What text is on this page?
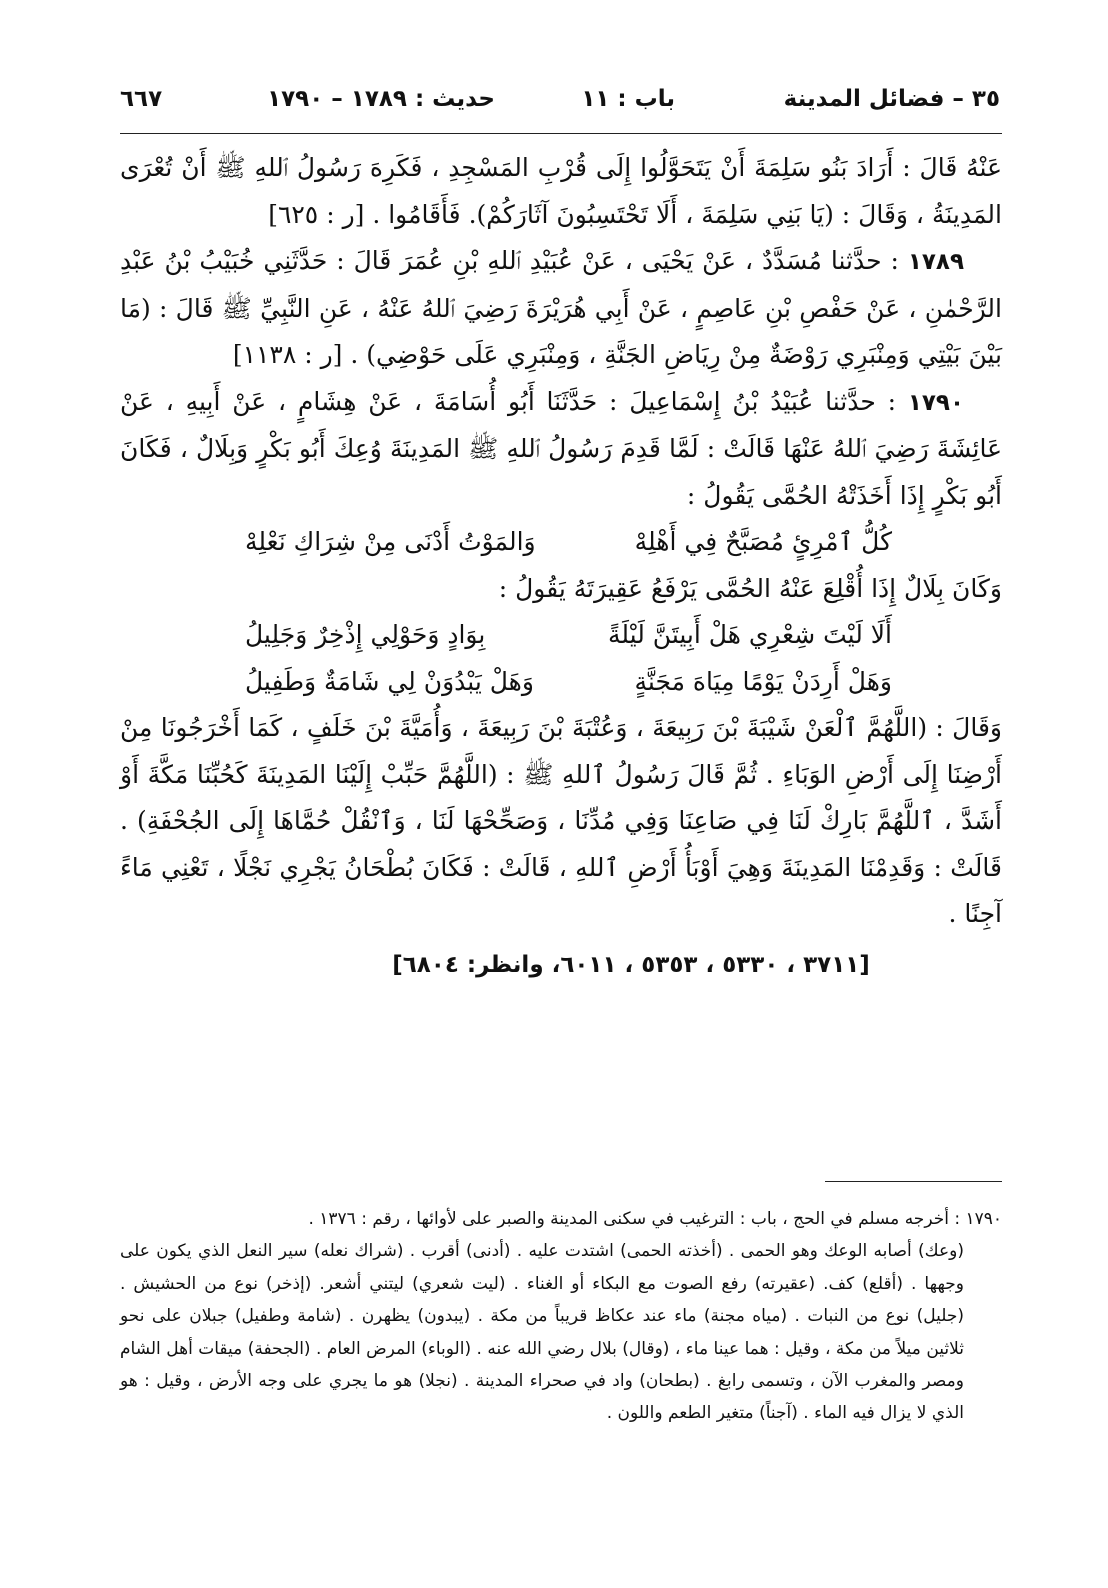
٣٥ – فضائل المدينة
باب : ١١
حديث : ١٧٨٩ – ١٧٩٠
٦٦٧

عَنْهُ قَالَ : أَرَادَ بَنُو سَلِمَةَ أَنْ يَتَحَوَّلُوا إِلَى قُرْبِ المَسْجِدِ ، فَكَرِهَ رَسُولُ ٱللهِ ﷺ أَنْ تُعْرَى المَدِينَةُ ، وَقَالَ : (يَا بَنِي سَلِمَةَ ، أَلَا تَحْتَسِبُونَ آثَارَكُمْ). فَأَقَامُوا . [ر : ٦٢٥]

١٧٨٩ : حدَّثنا مُسَدَّدٌ ، عَنْ يَحْيَى ، عَنْ عُبَيْدِ ٱللهِ بْنِ عُمَرَ قَالَ : حَدَّثَنِي خُبَيْبُ بْنُ عَبْدِ الرَّحْمٰنِ ، عَنْ حَفْصِ بْنِ عَاصِمٍ ، عَنْ أَبِي هُرَيْرَةَ رَضِيَ ٱللهُ عَنْهُ ، عَنِ النَّبِيِّ ﷺ قَالَ : (مَا بَيْنَ بَيْتِي وَمِنْبَرِي رَوْضَةٌ مِنْ رِيَاضِ الجَنَّةِ ، وَمِنْبَرِي عَلَى حَوْضِي) . [ر : ١١٣٨]

١٧٩٠ : حدَّثنا عُبَيْدُ بْنُ إِسْمَاعِيلَ : حَدَّثَنَا أَبُو أُسَامَةَ ، عَنْ هِشَامٍ ، عَنْ أَبِيهِ ، عَنْ عَائِشَةَ رَضِيَ ٱللهُ عَنْهَا قَالَتْ : لَمَّا قَدِمَ رَسُولُ ٱللهِ ﷺ المَدِينَةَ وُعِكَ أَبُو بَكْرٍ وَبِلَالٌ ، فَكَانَ أَبُو بَكْرٍ إِذَا أَخَذَتْهُ الحُمَّى يَقُولُ :

كُلُّ ٱمْرِئٍ مُصَبَّحٌ فِي أَهْلِهْ
وَالمَوْتُ أَدْنَى مِنْ شِرَاكِ نَعْلِهْ

وَكَانَ بِلَالٌ إِذَا أُقْلِعَ عَنْهُ الحُمَّى يَرْفَعُ عَقِيرَتَهُ يَقُولُ :

أَلَا لَيْتَ شِعْرِي هَلْ أَبِيتَنَّ لَيْلَةً
بِوَادٍ وَحَوْلِي إِذْخِرٌ وَجَلِيلُ
وَهَلْ أَرِدَنْ يَوْمًا مِيَاهَ مَجَنَّةٍ
وَهَلْ يَبْدُوَنْ لِي شَامَةٌ وَطَفِيلُ

وَقَالَ : (اللَّهُمَّ ٱلْعَنْ شَيْبَةَ بْنَ رَبِيعَةَ ، وَعُتْبَةَ بْنَ رَبِيعَةَ ، وَأُمَيَّةَ بْنَ خَلَفٍ ، كَمَا أَخْرَجُونَا مِنْ أَرْضِنَا إِلَى أَرْضِ الوَبَاءِ . ثُمَّ قَالَ رَسُولُ ٱللهِ ﷺ : (اللَّهُمَّ حَبِّبْ إِلَيْنَا المَدِينَةَ كَحُبِّنَا مَكَّةَ أَوْ أَشَدَّ ، ٱللَّهُمَّ بَارِكْ لَنَا فِي صَاعِنَا وَفِي مُدِّنَا ، وَصَحِّحْهَا لَنَا ، وَٱنْقُلْ حُمَّاهَا إِلَى الجُحْفَةِ) . قَالَتْ : وَقَدِمْنَا المَدِينَةَ وَهِيَ أَوْبَأُ أَرْضِ ٱللهِ ، قَالَتْ : فَكَانَ بُطْحَانُ يَجْرِي نَجْلًا ، تَعْنِي مَاءً آجِنًا .

[٣٧١١ ، ٥٣٣٠ ، ٥٣٥٣ ، ٦٠١١، وانظر: ٦٨٠٤]

١٧٩٠ : أخرجه مسلم في الحج ، باب : الترغيب في سكنى المدينة والصبر على لأوائها ، رقم : ١٣٧٦ .

(وعك) أصابه الوعك وهو الحمى . (أخذته الحمى) اشتدت عليه . (أدنى) أقرب . (شراك نعله) سير النعل الذي يكون على وجهها . (أقلع) كف. (عقيرته) رفع الصوت مع البكاء أو الغناء . (ليت شعري) ليتني أشعر. (إذخر) نوع من الحشيش . (جليل) نوع من النبات . (مياه مجنة) ماء عند عكاظ قريباً من مكة . (يبدون) يظهرن . (شامة وطفيل) جبلان على نحو ثلاثين ميلاً من مكة ، وقيل : هما عينا ماء ، (وقال) بلال رضي الله عنه . (الوباء) المرض العام . (الجحفة) ميقات أهل الشام ومصر والمغرب الآن ، وتسمى رابغ . (بطحان) واد في صحراء المدينة . (نجلا) هو ما يجري على وجه الأرض ، وقيل : هو الذي لا يزال فيه الماء . (آجناً) متغير الطعم واللون .
